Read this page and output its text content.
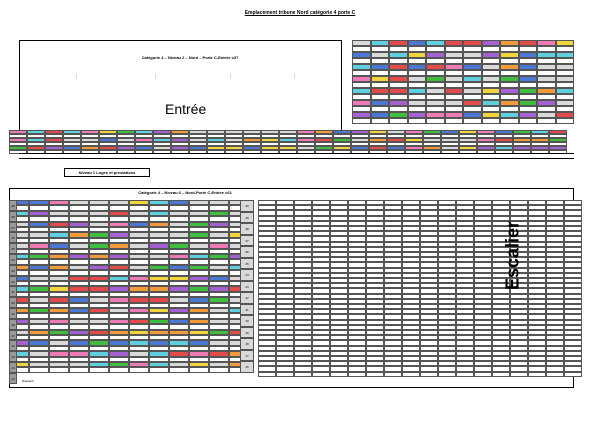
Emplacement tribune Nord catégorie 4 porte C
Catégorie 4 – Niveau 2 – Nord – Porte C-Entrée c37
Entrée
⋮	⋮	⋮	⋮
Niveau 1 Loges et prestations
Catégorie 4 – Niveau 6 – Nord-Porte C-Entrée c61
29
28
27
26
25
24
23
22
21
20
19
18
17
16
15
14
13
30
29
28
27
26
25
24
23
22
21
20
19
18
17
16
Escalier
Dispatch
